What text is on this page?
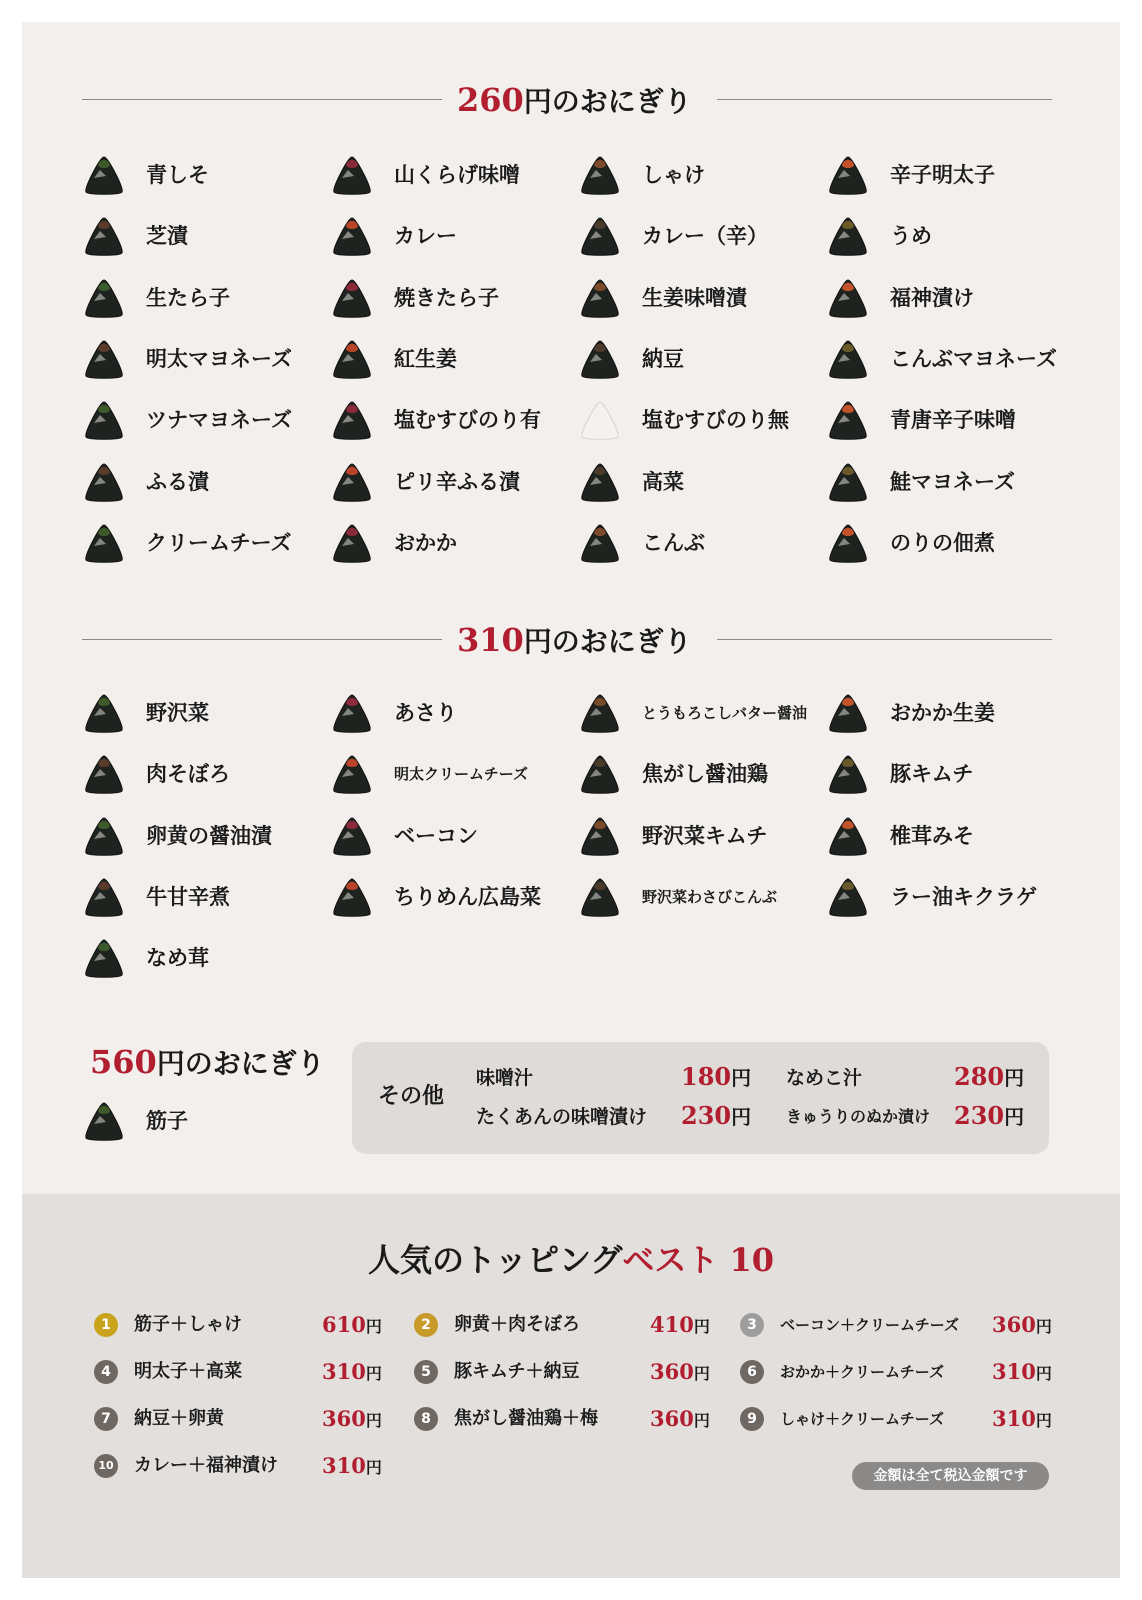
260円のおにぎり
310円のおにぎり
560円のおにぎり
その他
味噌汁	180円 なめこ汁	280円
たくあんの味噌漬け 230円 きゅうりのぬか漬け 230円
人気のトッピングベスト 10
金額は全て税込金額です
青しそ	山くらげ味噌	しゃけ	辛子明太子
芝漬	カレー	カレー（辛）	うめ
生たら子	焼きたら子	生姜味噌漬	福神漬け
明太マヨネーズ	紅生姜	納豆	こんぶマヨネーズ
ツナマヨネーズ	塩むすびのり有	塩むすびのり無	青唐辛子味噌
ふる漬	ピリ辛ふる漬	高菜	鮭マヨネーズ
クリームチーズ	おかか	こんぶ	のりの佃煮
野沢菜	あさり	とうもろこしバター醤油	おかか生姜
肉そぼろ	明太クリームチーズ	焦がし醤油鶏	豚キムチ
卵黄の醤油漬	ベーコン	野沢菜キムチ	椎茸みそ
牛甘辛煮	ちりめん広島菜	野沢菜わさびこんぶ	ラー油キクラゲ
なめ茸
筋子
1	筋子＋しゃけ	610円	2	卵黄＋肉そぼろ	410円	3	ベーコン＋クリームチーズ 360円
4	明太子＋高菜	310円	5	豚キムチ＋納豆	360円	6	おかか＋クリームチーズ 310円
7	納豆＋卵黄	360円	8	焦がし醤油鶏＋梅 360円	9	しゃけ＋クリームチーズ 310円
10 カレー＋福神漬け 310円
